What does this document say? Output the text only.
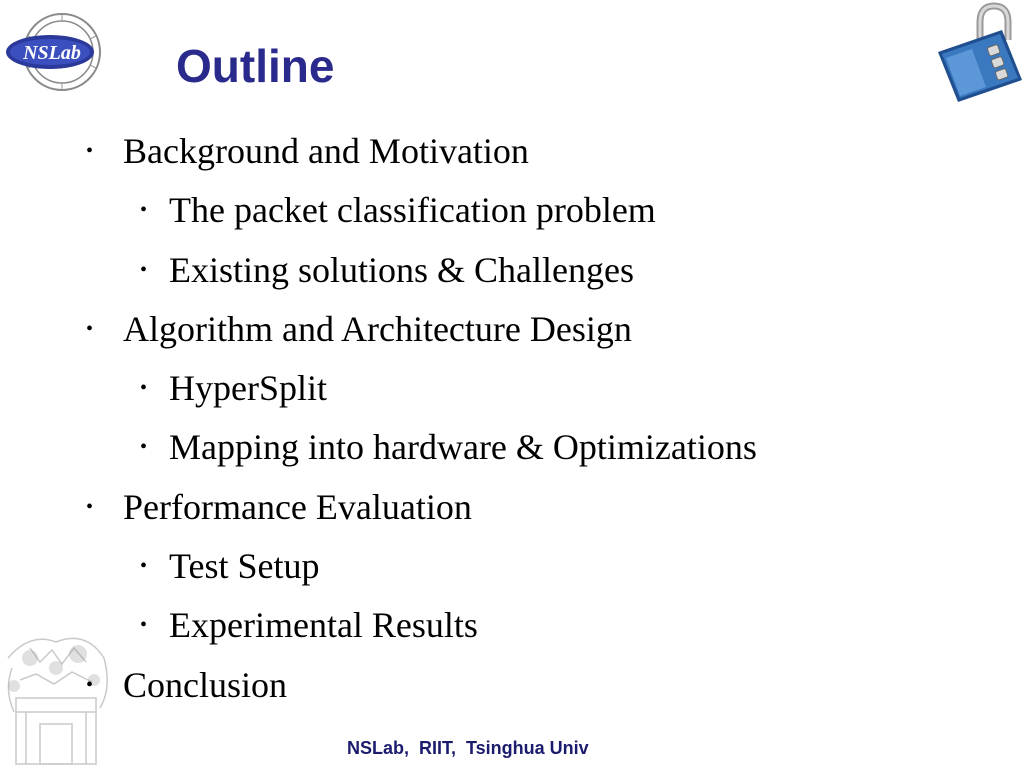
NSLab Outline
• Background and Motivation
• The packet classification problem
• Existing solutions & Challenges
• Algorithm and Architecture Design
• HyperSplit
• Mapping into hardware & Optimizations
• Performance Evaluation
• Test Setup
• Experimental Results
• Conclusion

NSLab,  RIIT,  Tsinghua Univ
